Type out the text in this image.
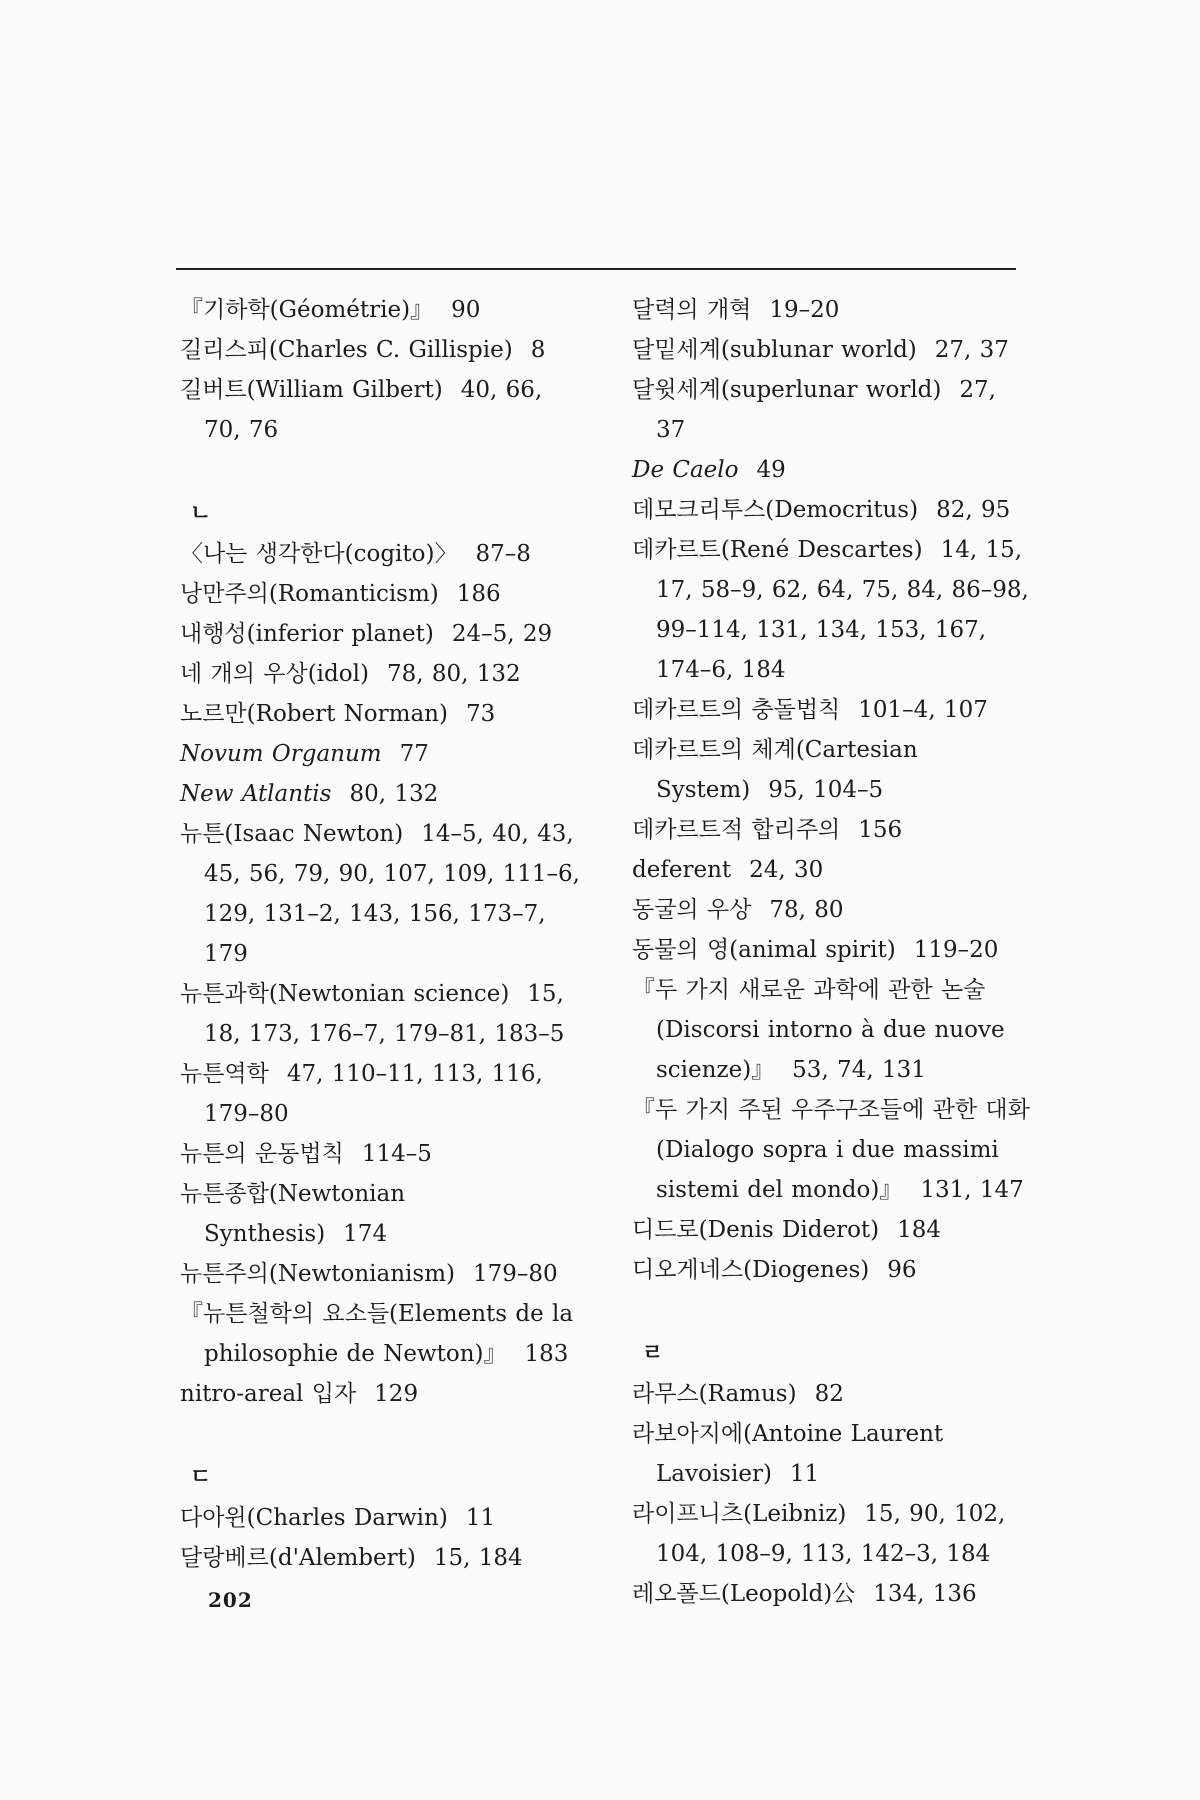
『기하학(Géométrie)』 90

길리스피(Charles C. Gillispie) 8

길버트(William Gilbert) 40, 66, 70, 76

ㄴ

〈나는 생각한다(cogito)〉 87–8

낭만주의(Romanticism) 186

내행성(inferior planet) 24–5, 29

네 개의 우상(idol) 78, 80, 132

노르만(Robert Norman) 73

Novum Organum 77

New Atlantis 80, 132

뉴튼(Isaac Newton) 14–5, 40, 43, 45, 56, 79, 90, 107, 109, 111–6, 129, 131–2, 143, 156, 173–7, 179

뉴튼과학(Newtonian science) 15, 18, 173, 176–7, 179–81, 183–5

뉴튼역학 47, 110–11, 113, 116, 179–80

뉴튼의 운동법칙 114–5

뉴튼종합(Newtonian Synthesis) 174

뉴튼주의(Newtonianism) 179–80

『뉴튼철학의 요소들(Elements de la philosophie de Newton)』 183

nitro-areal 입자 129

ㄷ

다아윈(Charles Darwin) 11

달랑베르(d'Alembert) 15, 184

달력의 개혁 19–20

달밑세계(sublunar world) 27, 37

달윗세계(superlunar world) 27, 37

De Caelo 49

데모크리투스(Democritus) 82, 95

데카르트(René Descartes) 14, 15, 17, 58–9, 62, 64, 75, 84, 86–98, 99–114, 131, 134, 153, 167, 174–6, 184

데카르트의 충돌법칙 101–4, 107

데카르트의 체계(Cartesian System) 95, 104–5

데카르트적 합리주의 156

deferent 24, 30

동굴의 우상 78, 80

동물의 영(animal spirit) 119–20

『두 가지 새로운 과학에 관한 논술(Discorsi intorno à due nuove scienze)』 53, 74, 131

『두 가지 주된 우주구조들에 관한 대화(Dialogo sopra i due massimi sistemi del mondo)』 131, 147

디드로(Denis Diderot) 184

디오게네스(Diogenes) 96

ㄹ

라무스(Ramus) 82

라보아지에(Antoine Laurent Lavoisier) 11

라이프니츠(Leibniz) 15, 90, 102, 104, 108–9, 113, 142–3, 184

레오폴드(Leopold)公 134, 136

202
